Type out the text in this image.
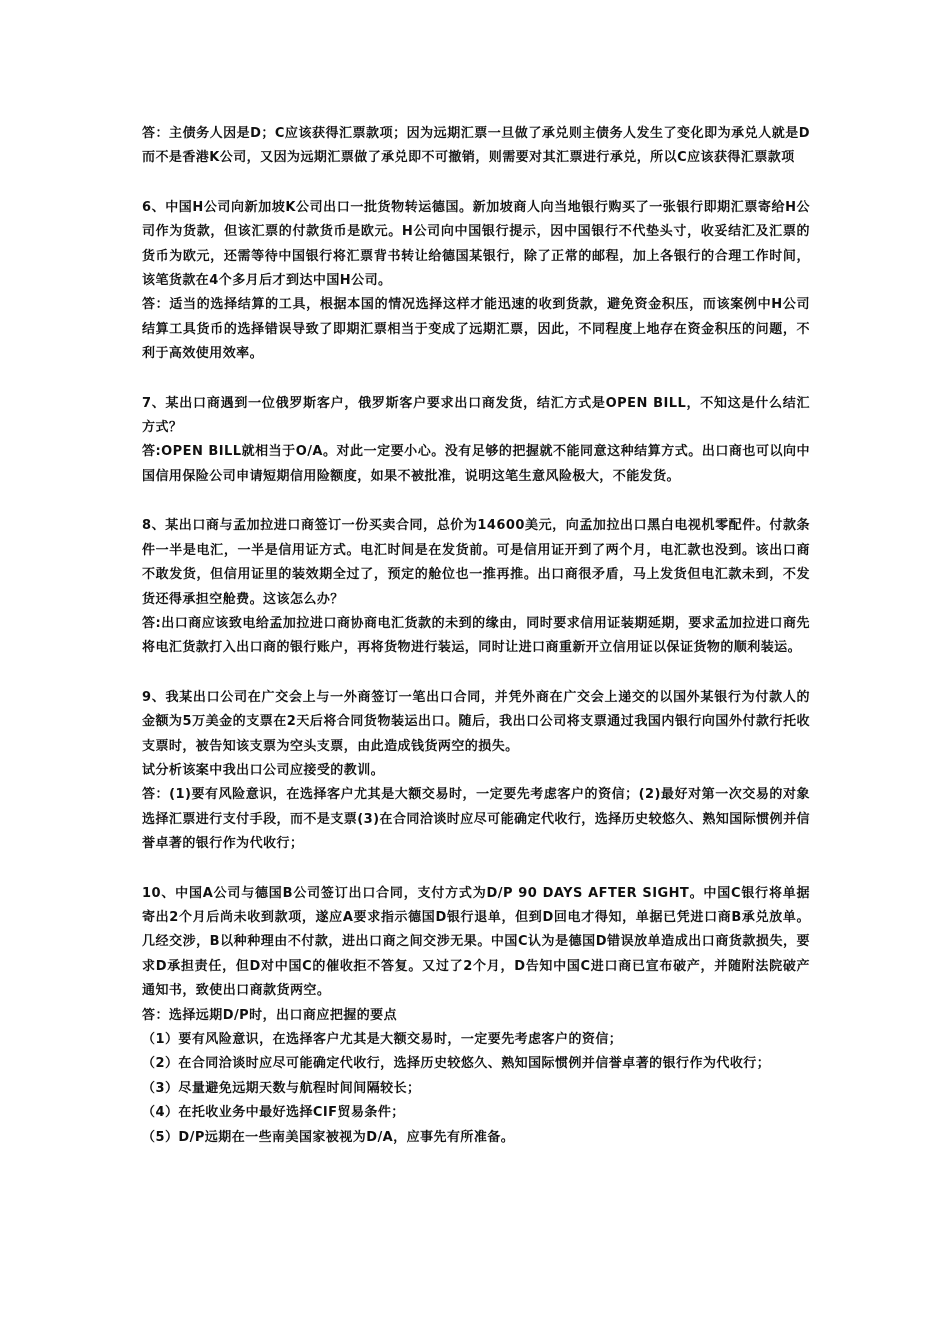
答：主债务人因是D；C应该获得汇票款项；因为远期汇票一旦做了承兑则主债务人发生了变化即为承兑人就是D而不是香港K公司，又因为远期汇票做了承兑即不可撤销，则需要对其汇票进行承兑，所以C应该获得汇票款项

6、中国H公司向新加坡K公司出口一批货物转运德国。新加坡商人向当地银行购买了一张银行即期汇票寄给H公司作为货款，但该汇票的付款货币是欧元。H公司向中国银行提示，因中国银行不代垫头寸，收妥结汇及汇票的货币为欧元，还需等待中国银行将汇票背书转让给德国某银行，除了正常的邮程，加上各银行的合理工作时间，该笔货款在4个多月后才到达中国H公司。

答：适当的选择结算的工具，根据本国的情况选择这样才能迅速的收到货款，避免资金积压，而该案例中H公司结算工具货币的选择错误导致了即期汇票相当于变成了远期汇票，因此，不同程度上地存在资金积压的问题，不利于高效使用效率。

7、某出口商遇到一位俄罗斯客户，俄罗斯客户要求出口商发货，结汇方式是OPEN BILL，不知这是什么结汇方式？

答:OPEN BILL就相当于O/A。对此一定要小心。没有足够的把握就不能同意这种结算方式。出口商也可以向中国信用保险公司申请短期信用险额度，如果不被批准，说明这笔生意风险极大，不能发货。

8、某出口商与孟加拉进口商签订一份买卖合同，总价为14600美元，向孟加拉出口黑白电视机零配件。付款条件一半是电汇，一半是信用证方式。电汇时间是在发货前。可是信用证开到了两个月，电汇款也没到。该出口商不敢发货，但信用证里的装效期全过了，预定的舱位也一推再推。出口商很矛盾，马上发货但电汇款未到，不发货还得承担空舱费。这该怎么办？

答:出口商应该致电给孟加拉进口商协商电汇货款的未到的缘由，同时要求信用证装期延期，要求孟加拉进口商先将电汇货款打入出口商的银行账户，再将货物进行装运，同时让进口商重新开立信用证以保证货物的顺利装运。

9、我某出口公司在广交会上与一外商签订一笔出口合同，并凭外商在广交会上递交的以国外某银行为付款人的金额为5万美金的支票在2天后将合同货物装运出口。随后，我出口公司将支票通过我国内银行向国外付款行托收支票时，被告知该支票为空头支票，由此造成钱货两空的损失。

试分析该案中我出口公司应接受的教训。

答：(1)要有风险意识，在选择客户尤其是大额交易时，一定要先考虑客户的资信；(2)最好对第一次交易的对象选择汇票进行支付手段，而不是支票(3)在合同洽谈时应尽可能确定代收行，选择历史较悠久、熟知国际惯例并信誉卓著的银行作为代收行；

10、中国A公司与德国B公司签订出口合同，支付方式为D/P 90 DAYS AFTER SIGHT。中国C银行将单据寄出2个月后尚未收到款项，遂应A要求指示德国D银行退单，但到D回电才得知，单据已凭进口商B承兑放单。几经交涉，B以种种理由不付款，进出口商之间交涉无果。中国C认为是德国D错误放单造成出口商货款损失，要求D承担责任，但D对中国C的催收拒不答复。又过了2个月，D告知中国C进口商已宣布破产，并随附法院破产通知书，致使出口商款货两空。

答：选择远期D/P时，出口商应把握的要点

（1）要有风险意识，在选择客户尤其是大额交易时，一定要先考虑客户的资信；

（2）在合同洽谈时应尽可能确定代收行，选择历史较悠久、熟知国际惯例并信誉卓著的银行作为代收行；

（3）尽量避免远期天数与航程时间间隔较长；

（4）在托收业务中最好选择CIF贸易条件；

（5）D/P远期在一些南美国家被视为D/A，应事先有所准备。
